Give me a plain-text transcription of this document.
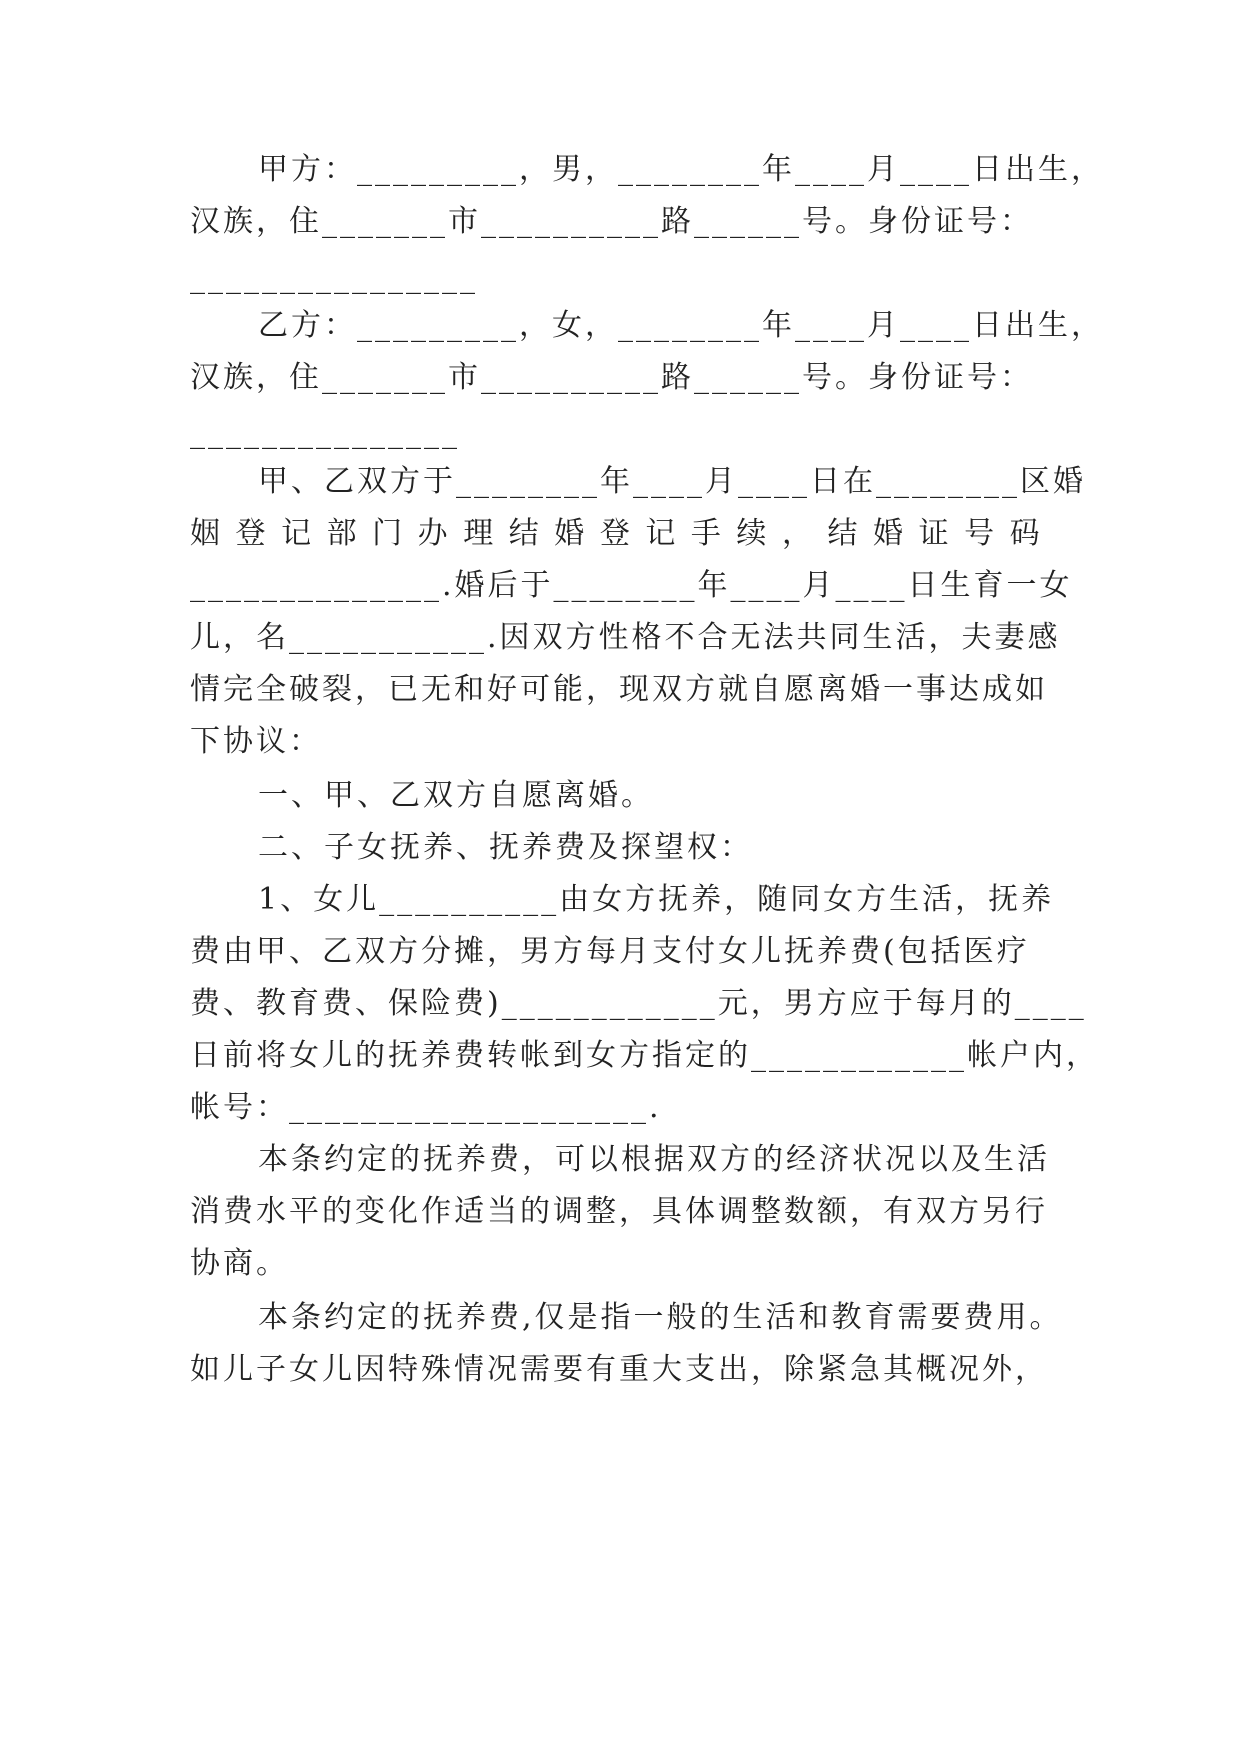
甲方：_________，男，________年____月____日出生，
汉族，住_______市__________路______号。身份证号：
________________
乙方：_________，女，________年____月____日出生，
汉族，住_______市__________路______号。身份证号：
_______________
甲、乙双方于________年____月____日在________区婚
姻 登 记 部 门 办 理 结 婚 登 记 手 续 ， 结 婚 证 号 码
______________.婚后于________年____月____日生育一女
儿，名___________.因双方性格不合无法共同生活，夫妻感
情完全破裂，已无和好可能，现双方就自愿离婚一事达成如
下协议：
一、甲、乙双方自愿离婚。
二、子女抚养、抚养费及探望权：
1、女儿__________由女方抚养，随同女方生活，抚养
费由甲、乙双方分摊，男方每月支付女儿抚养费(包括医疗
费、教育费、保险费)____________元，男方应于每月的____
日前将女儿的抚养费转帐到女方指定的____________帐户内，
帐号：____________________.
本条约定的抚养费，可以根据双方的经济状况以及生活
消费水平的变化作适当的调整，具体调整数额，有双方另行
协商。
本条约定的抚养费,仅是指一般的生活和教育需要费用。
如儿子女儿因特殊情况需要有重大支出，除紧急其概况外，
